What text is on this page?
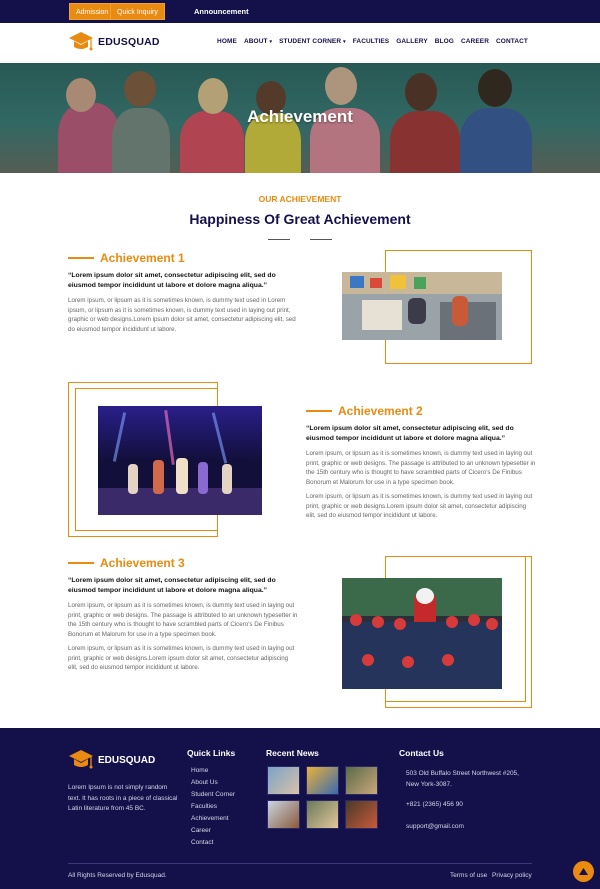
Admission	Quick Inquiry	Announcement
EDUSQUAD	HOME ABOUT ▾ STUDENT CORNER ▾ FACULTIES GALLERY BLOG CAREER CONTACT
Achievement
OUR ACHIEVEMENT
Happiness Of Great Achievement
Achievement 1
“Lorem ipsum dolor sit amet, consectetur adipiscing elit, sed do eiusmod tempor incididunt ut labore et dolore magna aliqua.”
Lorem ipsum, or lipsum as it is sometimes known, is dummy text used in Lorem ipsum, or lipsum as it is sometimes known, is dummy text used in laying out print, graphic or web designs.Lorem ipsum dolor sit amet, consectetur adipiscing elit, sed do eiusmod tempor incididunt ut labore.
Achievement 2
“Lorem ipsum dolor sit amet, consectetur adipiscing elit, sed do eiusmod tempor incididunt ut labore et dolore magna aliqua.”
Lorem ipsum, or lipsum as it is sometimes known, is dummy text used in laying out print, graphic or web designs. The passage is attributed to an unknown typesetter in the 15th century who is thought to have scrambled parts of Cicero's De Finibus Bonorum et Malorum for use in a type specimen book.
Lorem ipsum, or lipsum as it is sometimes known, is dummy text used in laying out print, graphic or web designs.Lorem ipsum dolor sit amet, consectetur adipiscing elit, sed do eiusmod tempor incididunt ut labore.
Achievement 3
“Lorem ipsum dolor sit amet, consectetur adipiscing elit, sed do eiusmod tempor incididunt ut labore et dolore magna aliqua.”
Lorem ipsum, or lipsum as it is sometimes known, is dummy text used in laying out print, graphic or web designs. The passage is attributed to an unknown typesetter in the 15th century who is thought to have scrambled parts of Cicero's De Finibus Bonorum et Malorum for use in a type specimen book.
Lorem ipsum, or lipsum as it is sometimes known, is dummy text used in laying out print, graphic or web designs.Lorem ipsum dolor sit amet, consectetur adipiscing elit, sed do eiusmod tempor incididunt ut labore.
EDUSQUAD
Lorem Ipsum is not simply random text. It has roots in a piece of classical Latin literature from 45 BC.
Quick Links
Home
About Us
Student Corner
Faculties
Achievement
Career
Contact
Recent News	Contact Us
503 Old Buffalo Street Northwest #205, New York-3087.
+821 (2365) 456 90
support@gmail.com
All Rights Reserved by Edusquad.	Terms of use Privacy policy
